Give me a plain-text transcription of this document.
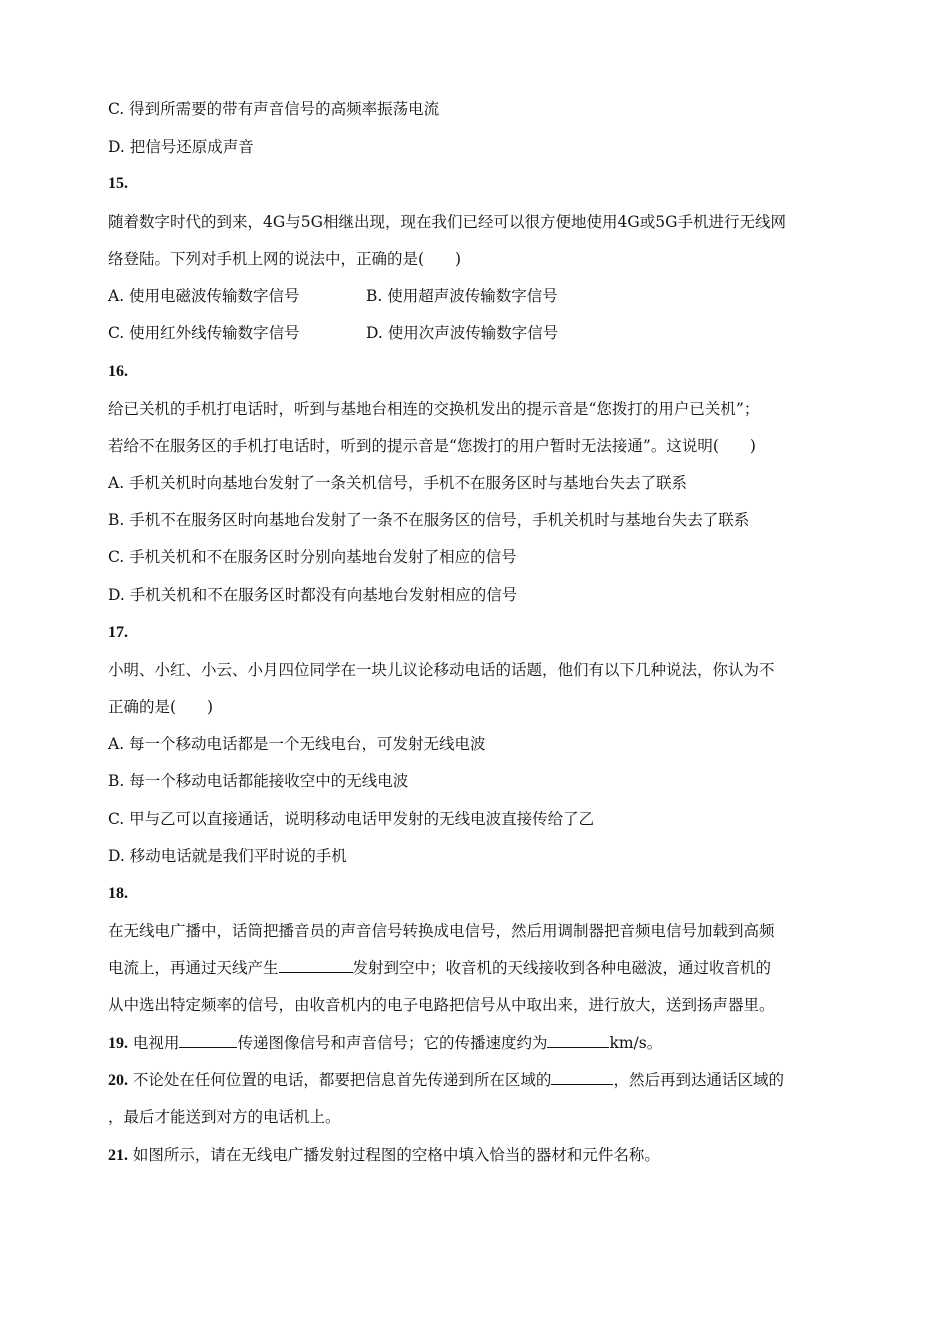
C. 得到所需要的带有声音信号的高频率振荡电流
D. 把信号还原成声音
15.
随着数字时代的到来，4G与5G相继出现，现在我们已经可以很方便地使用4G或5G手机进行无线网
络登陆。下列对手机上网的说法中，正确的是(　　)
A. 使用电磁波传输数字信号	B. 使用超声波传输数字信号
C. 使用红外线传输数字信号	D. 使用次声波传输数字信号
16.
给已关机的手机打电话时，听到与基地台相连的交换机发出的提示音是“您拨打的用户已关机”；
若给不在服务区的手机打电话时，听到的提示音是“您拨打的用户暂时无法接通”。这说明(　　)
A. 手机关机时向基地台发射了一条关机信号，手机不在服务区时与基地台失去了联系
B. 手机不在服务区时向基地台发射了一条不在服务区的信号，手机关机时与基地台失去了联系
C. 手机关机和不在服务区时分别向基地台发射了相应的信号
D. 手机关机和不在服务区时都没有向基地台发射相应的信号
17.
小明、小红、小云、小月四位同学在一块儿议论移动电话的话题，他们有以下几种说法，你认为不
正确的是(　　)
A. 每一个移动电话都是一个无线电台，可发射无线电波
B. 每一个移动电话都能接收空中的无线电波
C. 甲与乙可以直接通话，说明移动电话甲发射的无线电波直接传给了乙
D. 移动电话就是我们平时说的手机
18.
在无线电广播中，话筒把播音员的声音信号转换成电信号，然后用调制器把音频电信号加载到高频
电流上，再通过天线产生	发射到空中；收音机的天线接收到各种电磁波，通过收音机的
从中选出特定频率的信号，由收音机内的电子电路把信号从中取出来，进行放大，送到扬声器里。
19. 电视用	传递图像信号和声音信号；它的传播速度约为	km/s。
20. 不论处在任何位置的电话，都要把信息首先传递到所在区域的	，然后再到达通话区域的
，最后才能送到对方的电话机上。
21. 如图所示，请在无线电广播发射过程图的空格中填入恰当的器材和元件名称。
